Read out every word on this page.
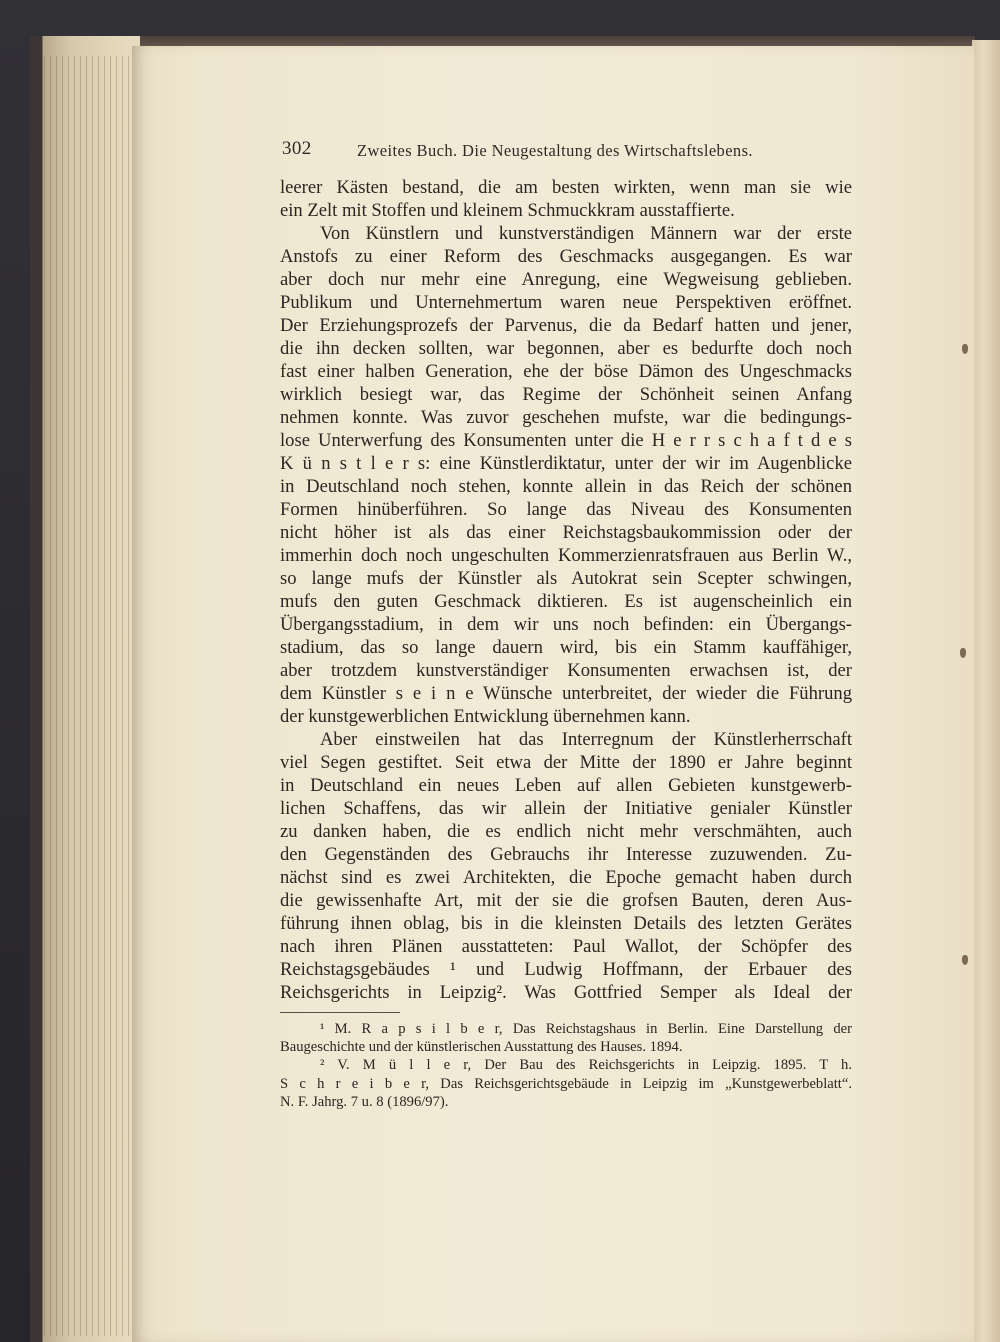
302	Zweites Buch. Die Neugestaltung des Wirtschaftslebens.
leerer Kästen bestand, die am besten wirkten, wenn man sie wie
ein Zelt mit Stoffen und kleinem Schmuckkram ausstaffierte.
Von Künstlern und kunstverständigen Männern war der erste
Anstofs zu einer Reform des Geschmacks ausgegangen. Es war
aber doch nur mehr eine Anregung, eine Wegweisung geblieben.
Publikum und Unternehmertum waren neue Perspektiven eröffnet.
Der Erziehungsprozefs der Parvenus, die da Bedarf hatten und jener,
die ihn decken sollten, war begonnen, aber es bedurfte doch noch
fast einer halben Generation, ehe der böse Dämon des Ungeschmacks
wirklich besiegt war, das Regime der Schönheit seinen Anfang
nehmen konnte. Was zuvor geschehen mufste, war die bedingungs-
lose Unterwerfung des Konsumenten unter die H e r r s c h a f t d e s
K ü n s t l e r s: eine Künstlerdiktatur, unter der wir im Augenblicke
in Deutschland noch stehen, konnte allein in das Reich der schönen
Formen hinüberführen. So lange das Niveau des Konsumenten
nicht höher ist als das einer Reichstagsbaukommission oder der
immerhin doch noch ungeschulten Kommerzienratsfrauen aus Berlin W.,
so lange mufs der Künstler als Autokrat sein Scepter schwingen,
mufs den guten Geschmack diktieren. Es ist augenscheinlich ein
Übergangsstadium, in dem wir uns noch befinden: ein Übergangs-
stadium, das so lange dauern wird, bis ein Stamm kauffähiger,
aber trotzdem kunstverständiger Konsumenten erwachsen ist, der
dem Künstler s e i n e Wünsche unterbreitet, der wieder die Führung
der kunstgewerblichen Entwicklung übernehmen kann.
Aber einstweilen hat das Interregnum der Künstlerherrschaft
viel Segen gestiftet. Seit etwa der Mitte der 1890 er Jahre beginnt
in Deutschland ein neues Leben auf allen Gebieten kunstgewerb-
lichen Schaffens, das wir allein der Initiative genialer Künstler
zu danken haben, die es endlich nicht mehr verschmähten, auch
den Gegenständen des Gebrauchs ihr Interesse zuzuwenden. Zu-
nächst sind es zwei Architekten, die Epoche gemacht haben durch
die gewissenhafte Art, mit der sie die grofsen Bauten, deren Aus-
führung ihnen oblag, bis in die kleinsten Details des letzten Gerätes
nach ihren Plänen ausstatteten: Paul Wallot, der Schöpfer des
Reichstagsgebäudes ¹ und Ludwig Hoffmann, der Erbauer des
Reichsgerichts in Leipzig². Was Gottfried Semper als Ideal der
¹ M. R a p s i l b e r, Das Reichstagshaus in Berlin. Eine Darstellung der
Baugeschichte und der künstlerischen Ausstattung des Hauses. 1894.
² V. M ü l l e r, Der Bau des Reichsgerichts in Leipzig. 1895. T h.
S c h r e i b e r, Das Reichsgerichtsgebäude in Leipzig im „Kunstgewerbeblatt“.
N. F. Jahrg. 7 u. 8 (1896/97).
